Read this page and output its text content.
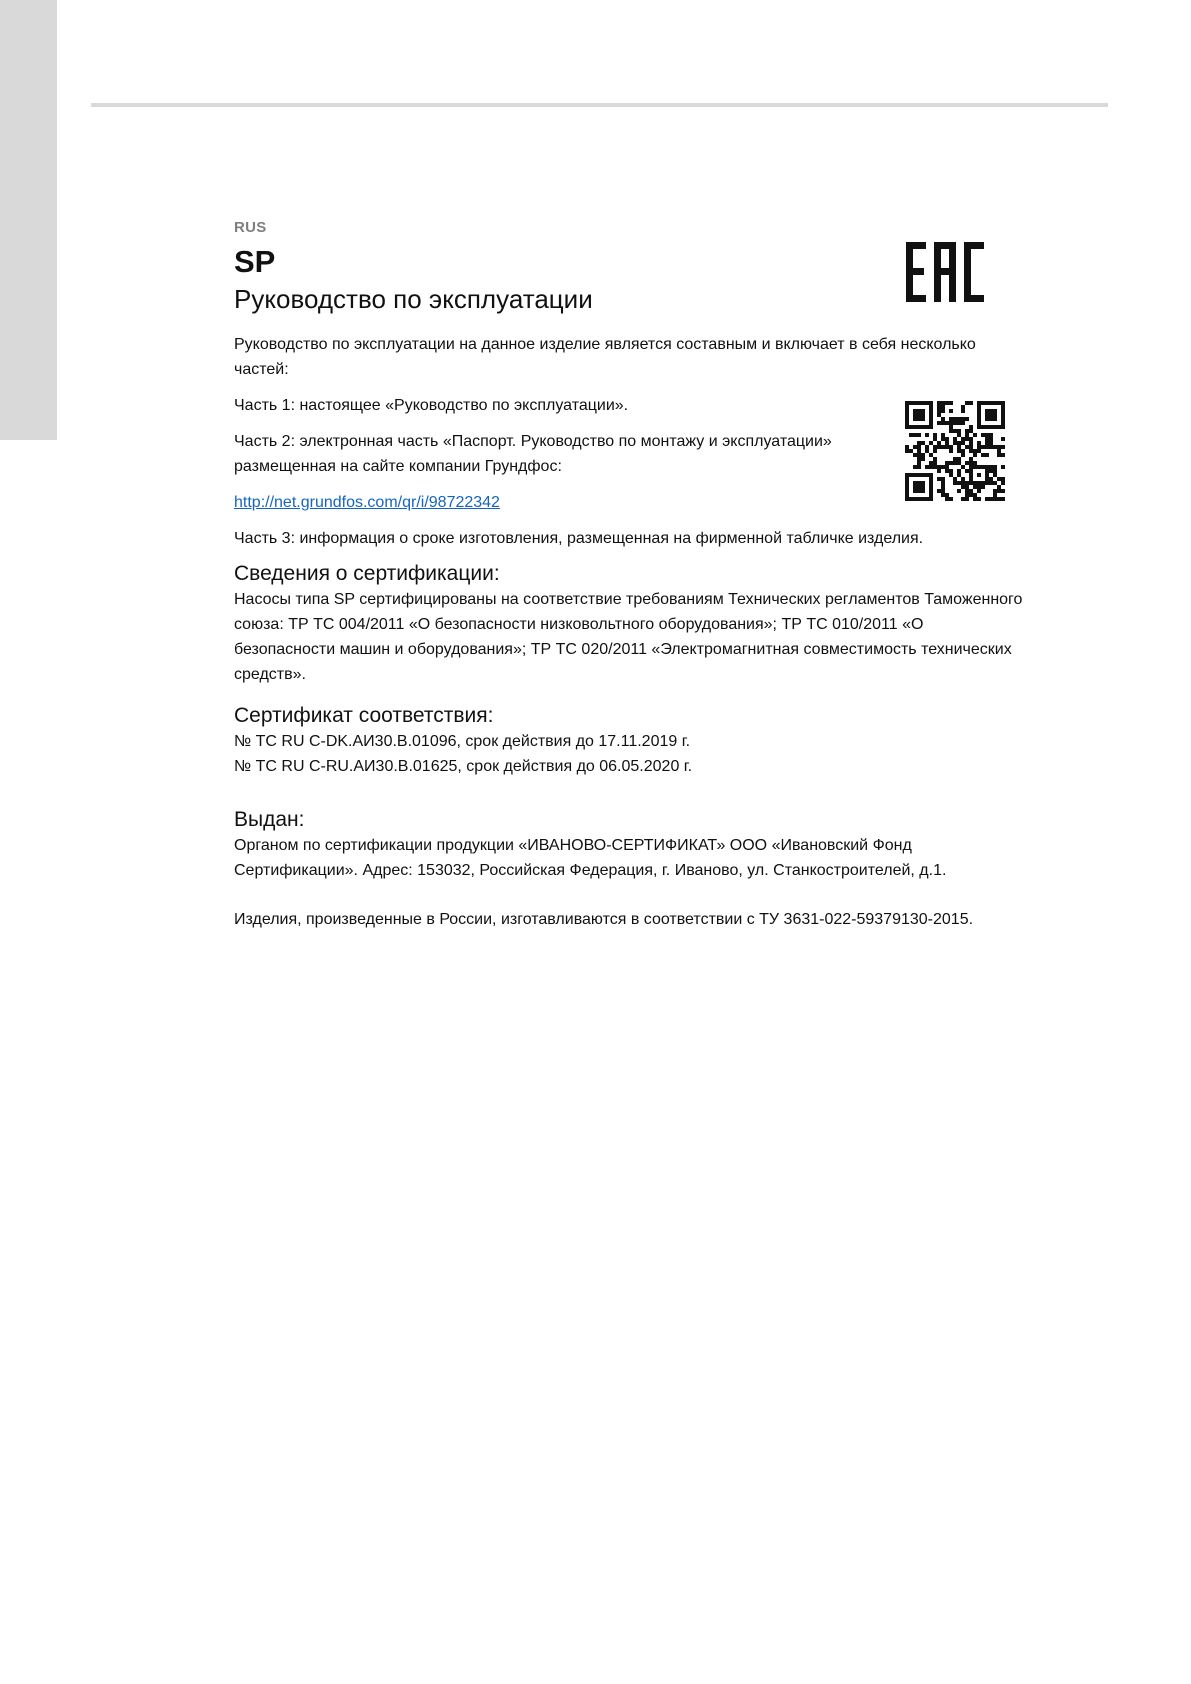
RUS
SP
Руководство по эксплуатации

Руководство по эксплуатации на данное изделие является составным и включает в себя несколько частей:

Часть 1: настоящее «Руководство по эксплуатации».

Часть 2: электронная часть «Паспорт. Руководство по монтажу и эксплуатации» размещенная на сайте компании Грундфос:

http://net.grundfos.com/qr/i/98722342

Часть 3: информация о сроке изготовления, размещенная на фирменной табличке изделия.

Сведения о сертификации:

Насосы типа SP сертифицированы на соответствие требованиям Технических регламентов Таможенного союза: ТР ТС 004/2011 «О безопасности низковольтного оборудования»; ТР ТС 010/2011 «О безопасности машин и оборудования»; ТР ТС 020/2011 «Электромагнитная совместимость технических средств».

Сертификат соответствия:

№ ТС RU C-DK.АИ30.В.01096, срок действия до 17.11.2019 г.

№ ТС RU C-RU.АИ30.В.01625, срок действия до 06.05.2020 г.

Выдан:

Органом по сертификации продукции «ИВАНОВО-СЕРТИФИКАТ» ООО «Ивановский Фонд Сертификации». Адрес: 153032, Российская Федерация, г. Иваново, ул. Станкостроителей, д.1.

Изделия, произведенные в России, изготавливаются в соответствии с ТУ 3631-022-59379130-2015.
